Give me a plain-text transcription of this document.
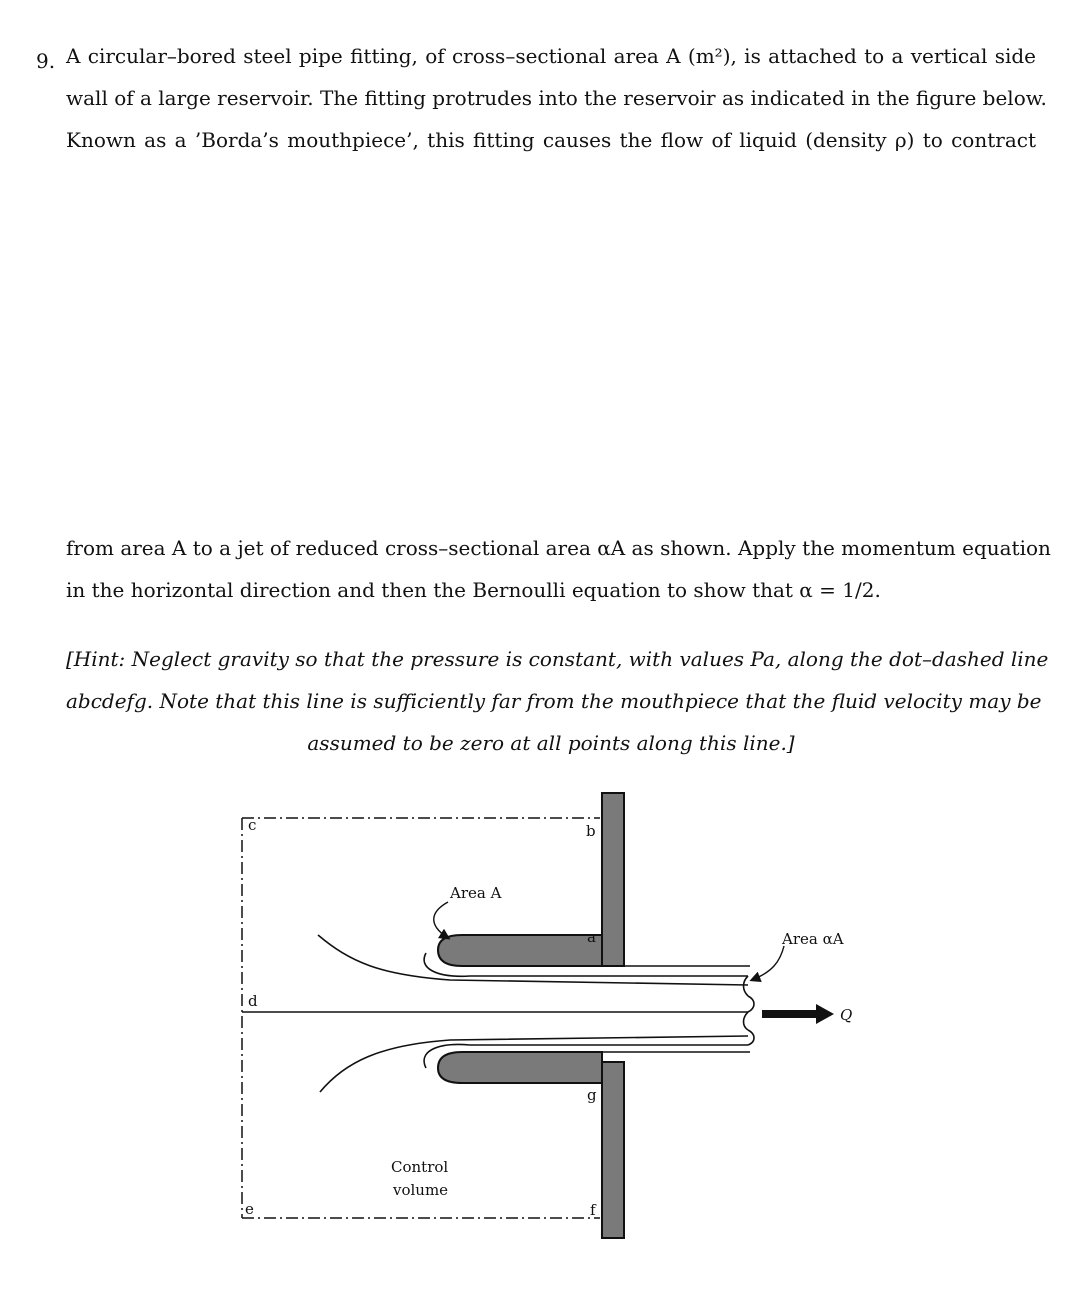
9. A circular–bored steel pipe fitting, of cross–sectional area A (m²), is attached to a vertical side
wall of a large reservoir. The fitting protrudes into the reservoir as indicated in the figure below.
Known as a ’Borda’s mouthpiece’, this fitting causes the flow of liquid (density ρ) to contract
from area A to a jet of reduced cross–sectional area αA as shown. Apply the momentum equation
in the horizontal direction and then the Bernoulli equation to show that α = 1/2.
[Hint: Neglect gravity so that the pressure is constant, with values Pa, along the dot–dashed line
abcdefg. Note that this line is sufficiently far from the mouthpiece that the fluid velocity may be
assumed to be zero at all points along this line.]
c
d
e
b
a
g
f
Area A
Area αA
Q
Control
volume
